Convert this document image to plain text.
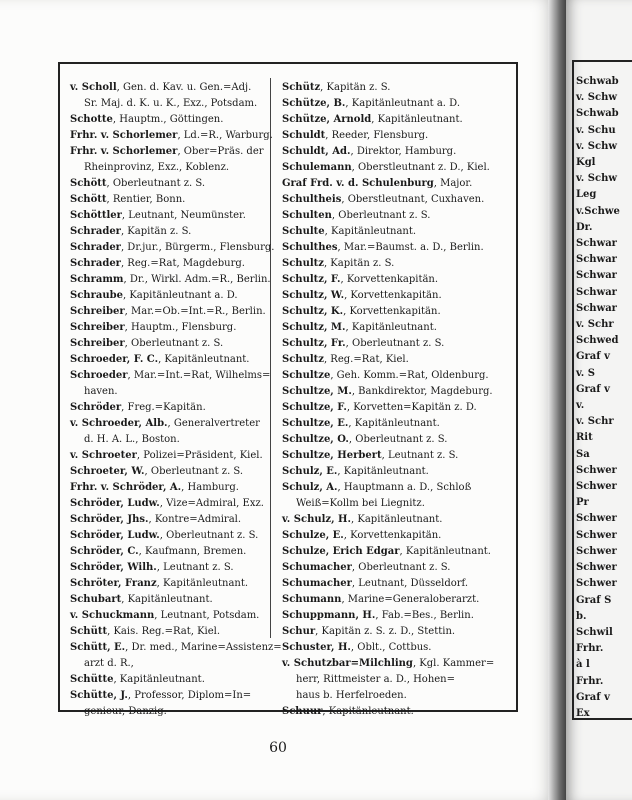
v. Scholl, Gen. d. Kav. u. Gen.=Adj.
Sr. Maj. d. K. u. K., Exz., Potsdam.
Schotte, Hauptm., Göttingen.
Frhr. v. Schorlemer, Ld.=R., Warburg.
Frhr. v. Schorlemer, Ober=Präs. der
Rheinprovinz, Exz., Koblenz.
Schött, Oberleutnant z. S.
Schött, Rentier, Bonn.
Schöttler, Leutnant, Neumünster.
Schrader, Kapitän z. S.
Schrader, Dr.jur., Bürgerm., Flensburg.
Schrader, Reg.=Rat, Magdeburg.
Schramm, Dr., Wirkl. Adm.=R., Berlin.
Schraube, Kapitänleutnant a. D.
Schreiber, Mar.=Ob.=Int.=R., Berlin.
Schreiber, Hauptm., Flensburg.
Schreiber, Oberleutnant z. S.
Schroeder, F. C., Kapitänleutnant.
Schroeder, Mar.=Int.=Rat, Wilhelms=
haven.
Schröder, Freg.=Kapitän.
v. Schroeder, Alb., Generalvertreter
d. H. A. L., Boston.
v. Schroeter, Polizei=Präsident, Kiel.
Schroeter, W., Oberleutnant z. S.
Frhr. v. Schröder, A., Hamburg.
Schröder, Ludw., Vize=Admiral, Exz.
Schröder, Jhs., Kontre=Admiral.
Schröder, Ludw., Oberleutnant z. S.
Schröder, C., Kaufmann, Bremen.
Schröder, Wilh., Leutnant z. S.
Schröter, Franz, Kapitänleutnant.
Schubart, Kapitänleutnant.
v. Schuckmann, Leutnant, Potsdam.
Schütt, Kais. Reg.=Rat, Kiel.
Schütt, E., Dr. med., Marine=Assistenz=
arzt d. R.,
Schütte, Kapitänleutnant.
Schütte, J., Professor, Diplom=In=
genieur, Danzig.
Schütz, Kapitän z. S.
Schütze, B., Kapitänleutnant a. D.
Schütze, Arnold, Kapitänleutnant.
Schuldt, Reeder, Flensburg.
Schuldt, Ad., Direktor, Hamburg.
Schulemann, Oberstleutnant z. D., Kiel.
Graf Frd. v. d. Schulenburg, Major.
Schultheis, Oberstleutnant, Cuxhaven.
Schulten, Oberleutnant z. S.
Schulte, Kapitänleutnant.
Schulthes, Mar.=Baumst. a. D., Berlin.
Schultz, Kapitän z. S.
Schultz, F., Korvettenkapitän.
Schultz, W., Korvettenkapitän.
Schultz, K., Korvettenkapitän.
Schultz, M., Kapitänleutnant.
Schultz, Fr., Oberleutnant z. S.
Schultz, Reg.=Rat, Kiel.
Schultze, Geh. Komm.=Rat, Oldenburg.
Schultze, M., Bankdirektor, Magdeburg.
Schultze, F., Korvetten=Kapitän z. D.
Schultze, E., Kapitänleutnant.
Schultze, O., Oberleutnant z. S.
Schultze, Herbert, Leutnant z. S.
Schulz, E., Kapitänleutnant.
Schulz, A., Hauptmann a. D., Schloß
Weiß=Kollm bei Liegnitz.
v. Schulz, H., Kapitänleutnant.
Schulze, E., Korvettenkapitän.
Schulze, Erich Edgar, Kapitänleutnant.
Schumacher, Oberleutnant z. S.
Schumacher, Leutnant, Düsseldorf.
Schumann, Marine=Generaloberarzt.
Schuppmann, H., Fab.=Bes., Berlin.
Schur, Kapitän z. S. z. D., Stettin.
Schuster, H., Oblt., Cottbus.
v. Schutzbar=Milchling, Kgl. Kammer=
herr, Rittmeister a. D., Hohen=
haus b. Herfelroeden.
Schuur, Kapitänleutnant.
60
Schwab
v. Schw
Schwab
v. Schu
v. Schw
Kgl
v. Schw
Leg
v.Schwe
Dr.
Schwar
Schwar
Schwar
Schwar
Schwar
v. Schr
Schwed
Graf v
v. S
Graf v
v.
v. Schr
Rit
Sa
Schwer
Schwer
Pr
Schwer
Schwer
Schwer
Schwer
Schwer
Graf S
b.
Schwil
Frhr.
à l
Frhr.
Graf v
Ex
